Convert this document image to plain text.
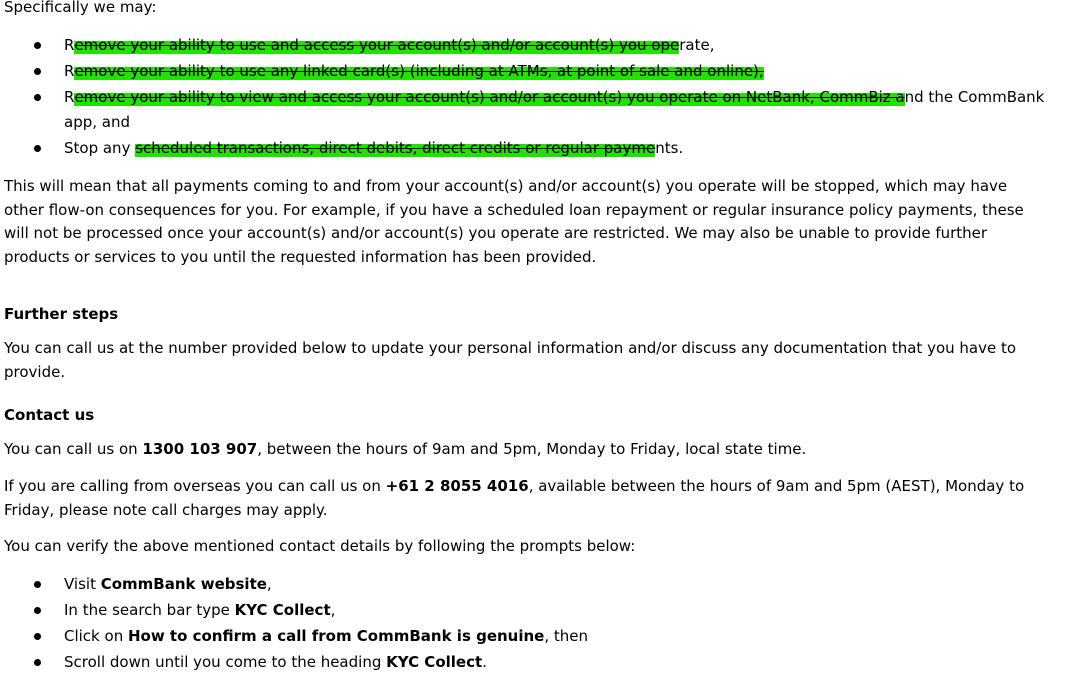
Specifically we may:
R
emove your ability to use and access your account(s) and/or account(s) you operate,
R
emove your ability to use any linked card(s) (including at ATMs, at point of sale and online),
R
emove your ability to view and access your account(s) and/or account(s) you operate on NetBank, CommBiz and the CommBank
app, and
Stop any
scheduled transactions, direct debits, direct credits or regular payments.
This will mean that all payments coming to and from your account(s) and/or account(s) you operate will be stopped, which may have other flow-on consequences for you. For example, if you have a scheduled loan repayment or regular insurance policy payments, these will not be processed once your account(s) and/or account(s) you operate are restricted. We may also be unable to provide further products or services to you until the requested information has been provided.
Further steps
You can call us at the number provided below to update your personal information and/or discuss any documentation that you have to provide.
Contact us
You can call us on 1300 103 907, between the hours of 9am and 5pm, Monday to Friday, local state time.
If you are calling from overseas you can call us on +61 2 8055 4016, available between the hours of 9am and 5pm (AEST), Monday to Friday, please note call charges may apply.
You can verify the above mentioned contact details by following the prompts below:
Visit CommBank website,
In the search bar type KYC Collect,
Click on How to confirm a call from CommBank is genuine, then
Scroll down until you come to the heading KYC Collect.
